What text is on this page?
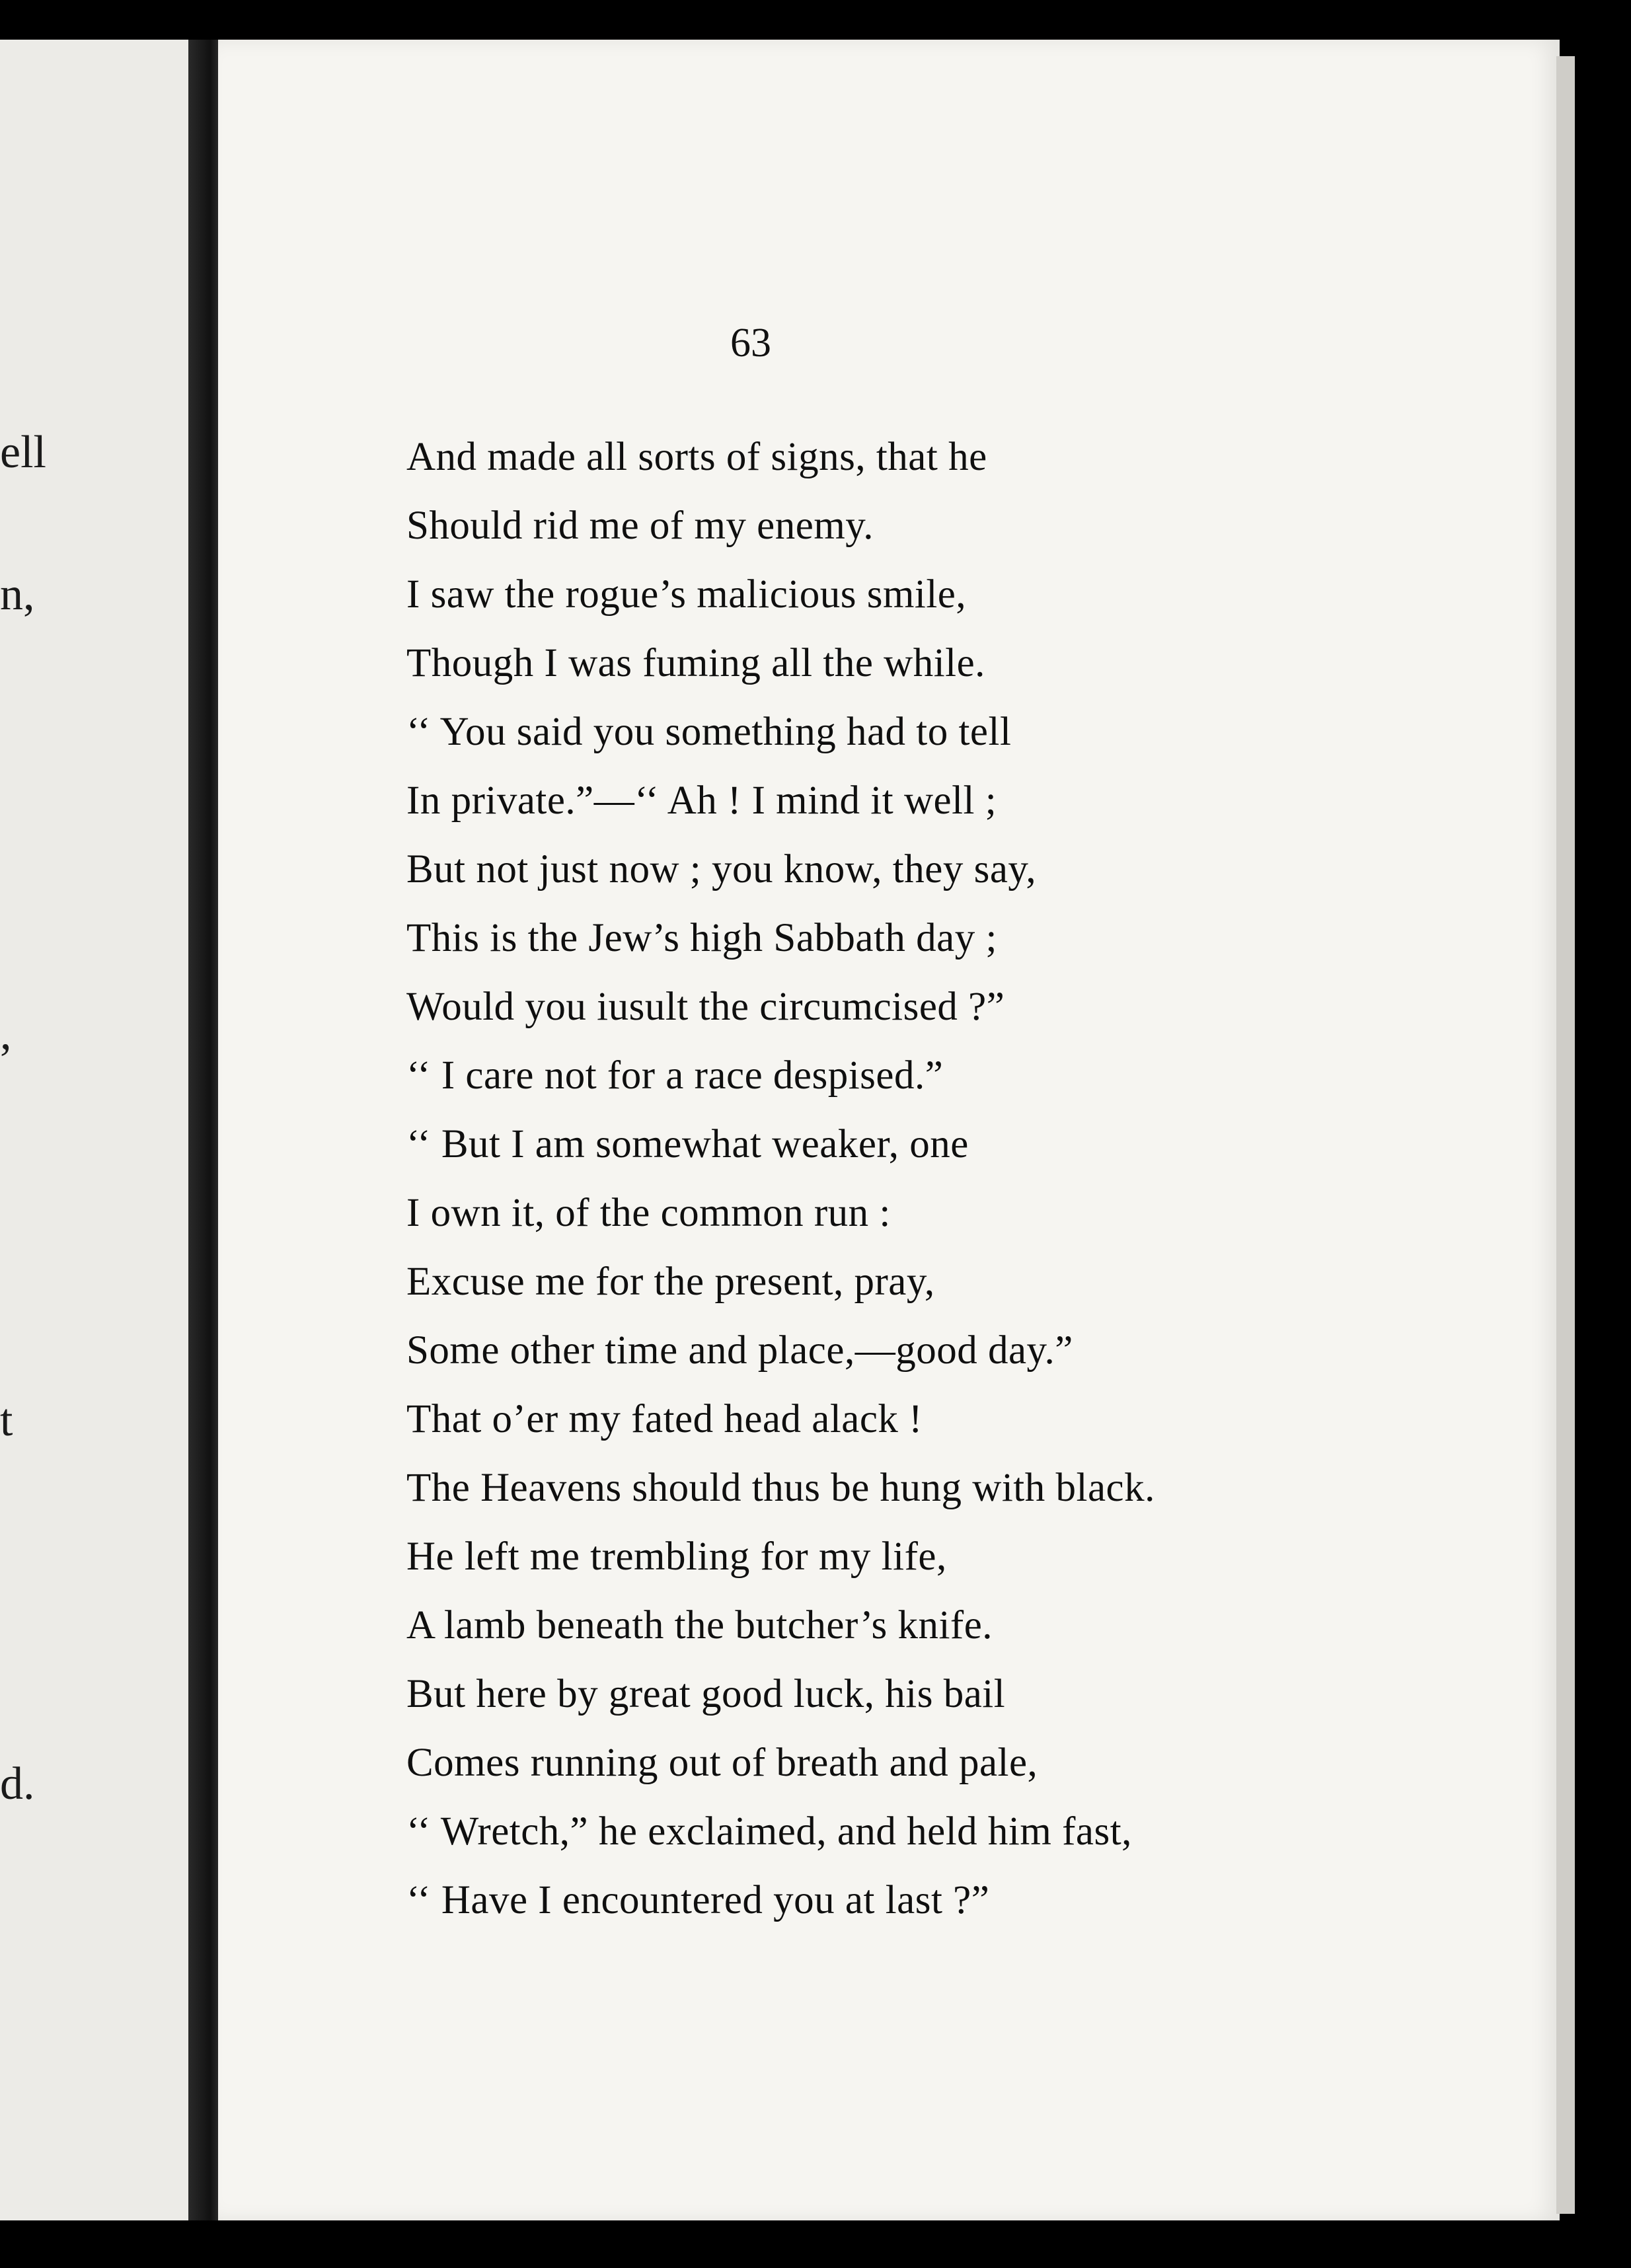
ell
n,
,
t
d.
63
And made all sorts of signs, that he
Should rid me of my enemy.
I saw the rogue’s malicious smile,
Though I was fuming all the while.
‘‘ You said you something had to tell
In private.”—‘‘ Ah ! I mind it well ;
But not just now ; you know, they say,
This is the Jew’s high Sabbath day ;
Would you iusult the circumcised ?”
‘‘ I care not for a race despised.”
‘‘ But I am somewhat weaker, one
I own it, of the common run :
Excuse me for the present, pray,
Some other time and place,—good day.”
That o’er my fated head alack !
The Heavens should thus be hung with black.
He left me trembling for my life,
A lamb beneath the butcher’s knife.
But here by great good luck, his bail
Comes running out of breath and pale,
‘‘ Wretch,” he exclaimed, and held him fast,
‘‘ Have I encountered you at last ?”
